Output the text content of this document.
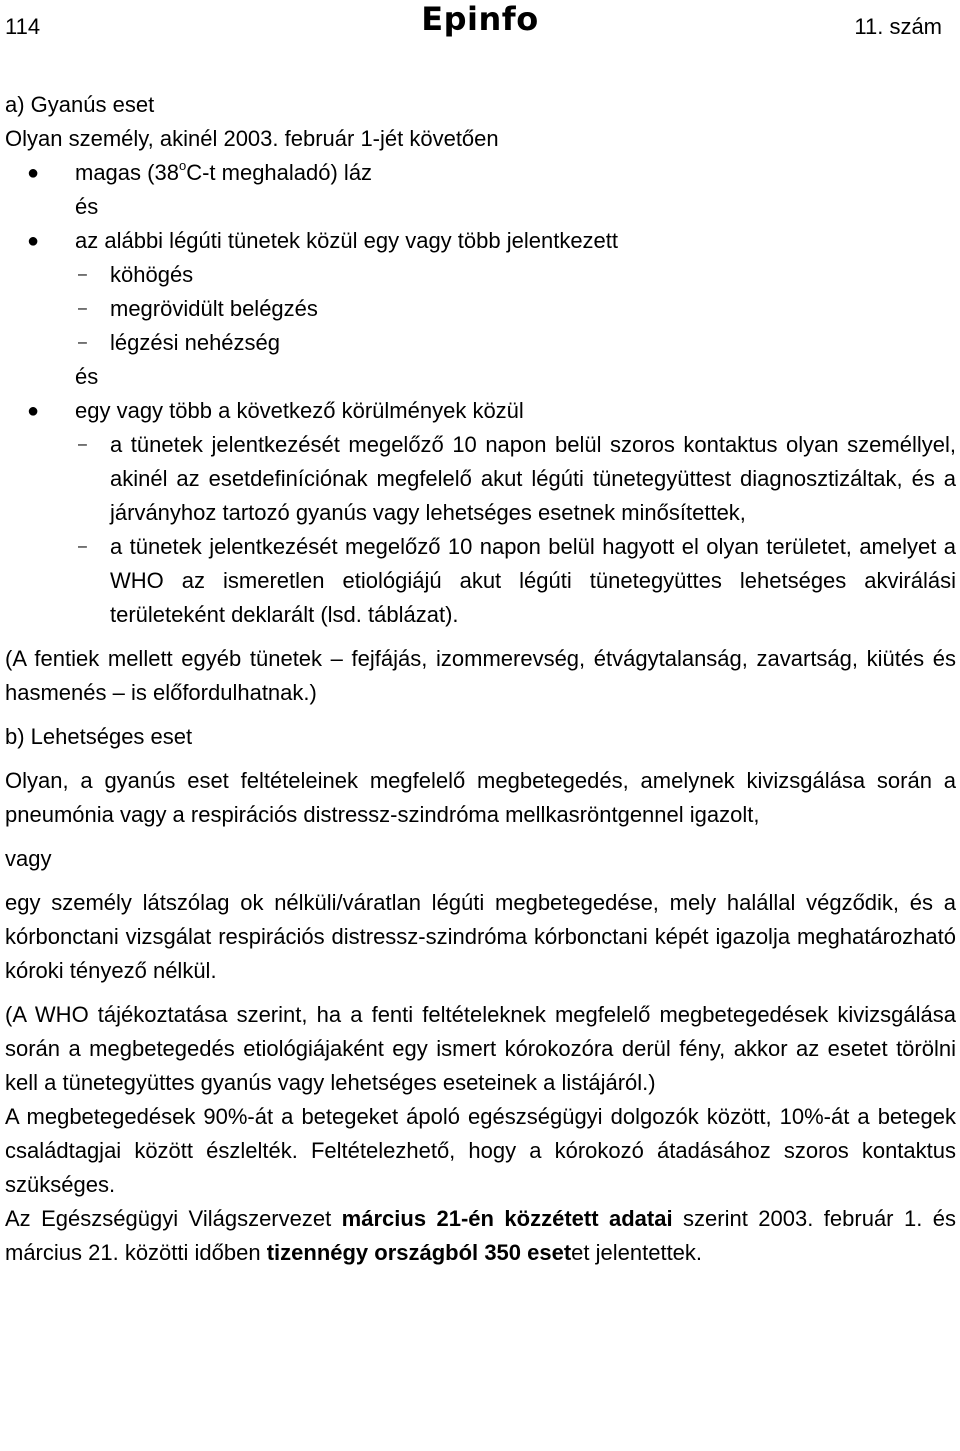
114	Epinfo	11. szám

a) Gyanús eset

Olyan személy, akinél 2003. február 1-jét követően

● magas (38$^o$C-t meghaladó) láz

és

● az alábbi légúti tünetek közül egy vagy több jelentkezett
– köhögés
– megrövidült belégzés
– légzési nehézség

és

● egy vagy több a következő körülmények közül
– a tünetek jelentkezését megelőző 10 napon belül szoros kontaktus olyan személlyel, akinél az esetdefiníciónak megfelelő akut légúti tünetegyüttest diagnosztizáltak, és a járványhoz tartozó gyanús vagy lehetséges esetnek minősítettek,
– a tünetek jelentkezését megelőző 10 napon belül hagyott el olyan területet, amelyet a WHO az ismeretlen etiológiájú akut légúti tünetegyüttes lehetséges akvirálási területeként deklarált (lsd. táblázat).

(A fentiek mellett egyéb tünetek – fejfájás, izommerevség, étvágytalanság, zavartság, kiütés és hasmenés – is előfordulhatnak.)

b) Lehetséges eset

Olyan, a gyanús eset feltételeinek megfelelő megbetegedés, amelynek kivizsgálása során a pneumónia vagy a respirációs distressz-szindróma mellkasröntgennel igazolt,

vagy

egy személy látszólag ok nélküli/váratlan légúti megbetegedése, mely halállal végződik, és a kórbonctani vizsgálat respirációs distressz-szindróma kórbonctani képét igazolja meghatározható kóroki tényező nélkül.

(A WHO tájékoztatása szerint, ha a fenti feltételeknek megfelelő megbetegedések kivizsgálása során a megbetegedés etiológiájaként egy ismert kórokozóra derül fény, akkor az esetet törölni kell a tünetegyüttes gyanús vagy lehetséges eseteinek a listájáról.)

A megbetegedések 90%-át a betegeket ápoló egészségügyi dolgozók között, 10%-át a betegek családtagjai között észlelték. Feltételezhető, hogy a kórokozó átadásához szoros kontaktus szükséges.

Az Egészségügyi Világszervezet március 21-én közzétett adatai szerint 2003. február 1. és március 21. közötti időben tizennégy országból 350 esetet jelentettek.
